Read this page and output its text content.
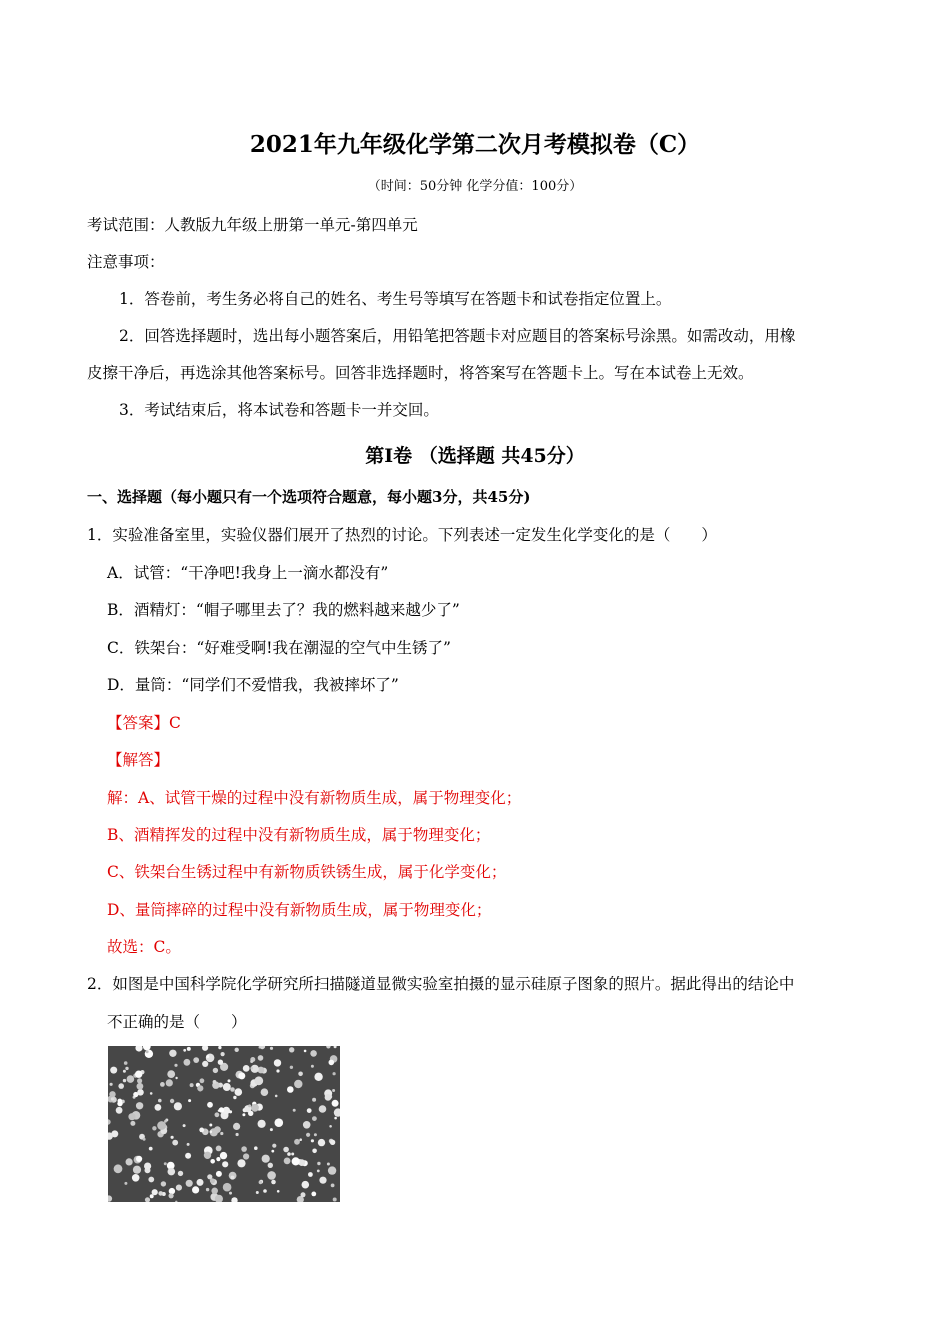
2021年九年级化学第二次月考模拟卷（C）
（时间：50分钟 化学分值：100分）
考试范围：人教版九年级上册第一单元-第四单元
注意事项：
1．答卷前，考生务必将自己的姓名、考生号等填写在答题卡和试卷指定位置上。
2．回答选择题时，选出每小题答案后，用铅笔把答题卡对应题目的答案标号涂黑。如需改动，用橡
皮擦干净后，再选涂其他答案标号。回答非选择题时，将答案写在答题卡上。写在本试卷上无效。
3．考试结束后，将本试卷和答题卡一并交回。
第Ⅰ卷 （选择题 共45分）
一、选择题（每小题只有一个选项符合题意，每小题3分，共45分)
1．实验准备室里，实验仪器们展开了热烈的讨论。下列表述一定发生化学变化的是（　　）
A．试管：“干净吧!我身上一滴水都没有”
B．酒精灯：“帽子哪里去了？我的燃料越来越少了”
C．铁架台：“好难受啊!我在潮湿的空气中生锈了”
D．量筒：“同学们不爱惜我，我被摔坏了”
【答案】C
【解答】
解：A、试管干燥的过程中没有新物质生成，属于物理变化；
B、酒精挥发的过程中没有新物质生成，属于物理变化；
C、铁架台生锈过程中有新物质铁锈生成，属于化学变化；
D、量筒摔碎的过程中没有新物质生成，属于物理变化；
故选：C。
2．如图是中国科学院化学研究所扫描隧道显微实验室拍摄的显示硅原子图象的照片。据此得出的结论中
不正确的是（　　）
